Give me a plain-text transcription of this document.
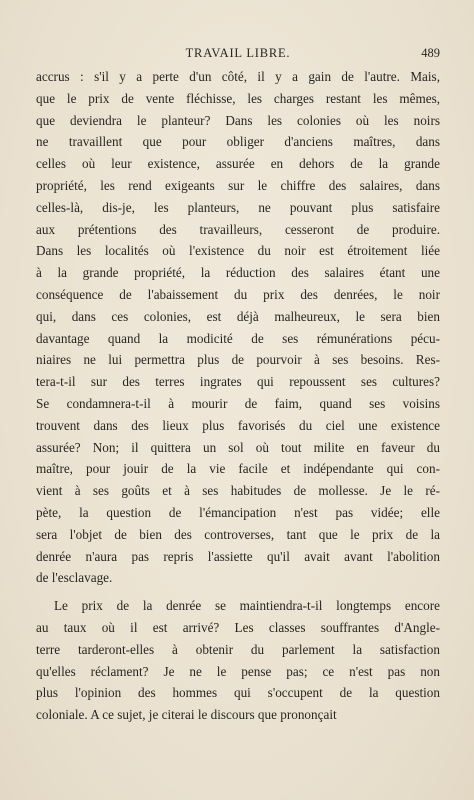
TRAVAIL LIBRE.	489
accrus : s'il y a perte d'un côté, il y a gain de l'autre. Mais,
que le prix de vente fléchisse, les charges restant les mêmes,
que deviendra le planteur? Dans les colonies où les noirs
ne travaillent que pour obliger d'anciens maîtres, dans
celles où leur existence, assurée en dehors de la grande
propriété, les rend exigeants sur le chiffre des salaires, dans
celles-là, dis-je, les planteurs, ne pouvant plus satisfaire
aux prétentions des travailleurs, cesseront de produire.
Dans les localités où l'existence du noir est étroitement liée
à la grande propriété, la réduction des salaires étant une
conséquence de l'abaissement du prix des denrées, le noir
qui, dans ces colonies, est déjà malheureux, le sera bien
davantage quand la modicité de ses rémunérations pécu-
niaires ne lui permettra plus de pourvoir à ses besoins. Res-
tera-t-il sur des terres ingrates qui repoussent ses cultures?
Se condamnera-t-il à mourir de faim, quand ses voisins
trouvent dans des lieux plus favorisés du ciel une existence
assurée? Non; il quittera un sol où tout milite en faveur du
maître, pour jouir de la vie facile et indépendante qui con-
vient à ses goûts et à ses habitudes de mollesse. Je le ré-
pète, la question de l'émancipation n'est pas vidée; elle
sera l'objet de bien des controverses, tant que le prix de la
denrée n'aura pas repris l'assiette qu'il avait avant l'abolition
de l'esclavage.
Le prix de la denrée se maintiendra-t-il longtemps encore
au taux où il est arrivé? Les classes souffrantes d'Angle-
terre tarderont-elles à obtenir du parlement la satisfaction
qu'elles réclament? Je ne le pense pas; ce n'est pas non
plus l'opinion des hommes qui s'occupent de la question
coloniale. A ce sujet, je citerai le discours que prononçait
